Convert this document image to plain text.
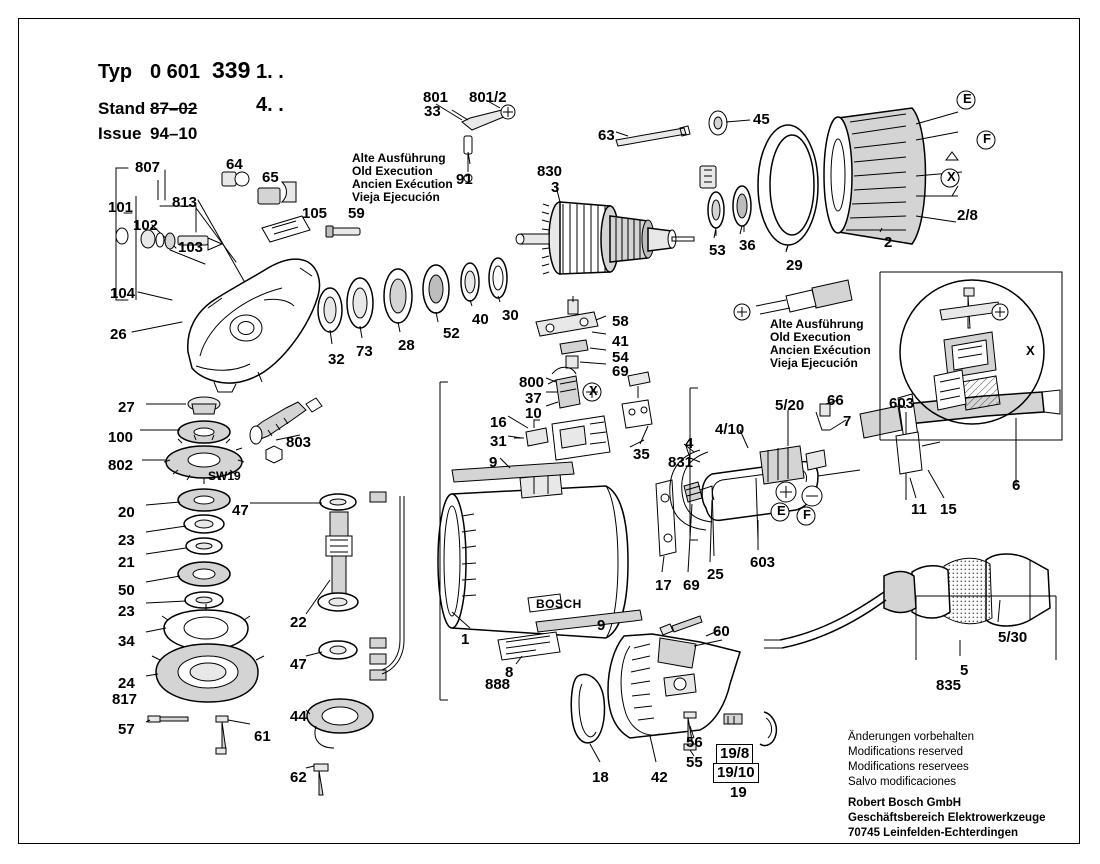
Typ 0 601 339 1. .
4. .
Stand 87–02
Issue 94–10
Alte Ausführung
Old Execution
Ancien Exécution
Vieja Ejecución
Alte Ausführung
Old Execution
Ancien Exécution
Vieja Ejecución
BOSCH
SW19
E
F
X
X
X
E F
Änderungen vorbehalten
Modifications reserved
Modifications reservees
Salvo modificaciones
Robert Bosch GmbH
Geschäftsbereich Elektrowerkzeuge
70745 Leinfelden-Echterdingen
807
813
101
102
103
104
26
64
65
105 59
32 73 28
52
40 30
3
830
53 36
29
2
45
63
801
33
801/2
91
2/8
27
100
802
803
20
23
21
50
23
34
24
817
57	61
47
22
47
44
62
58
41
54
69
800
37
10
16
31
35
9
1
8
888
9
17 69
25
831
4
4/10
5/20 66
7
603
11 15
6
603
60
18	42
56
55
19/8
19/10
19
5/30
5
835
